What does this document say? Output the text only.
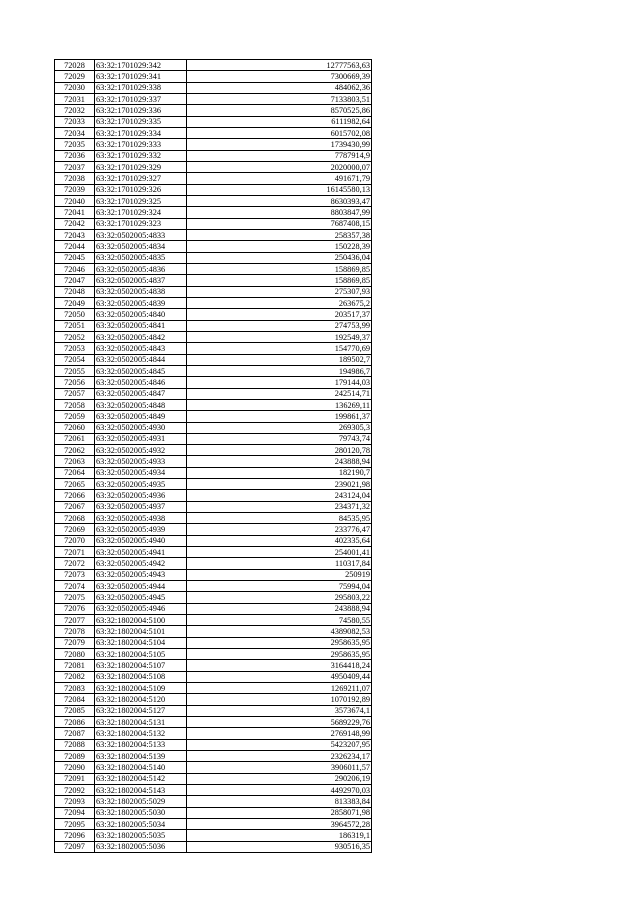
72028	63:32:1701029:342	12777563,63
72029	63:32:1701029:341	7300669,39
72030	63:32:1701029:338	484062,36
72031	63:32:1701029:337	7133803,51
72032	63:32:1701029:336	8570525,86
72033	63:32:1701029:335	6111982,64
72034	63:32:1701029:334	6015702,08
72035	63:32:1701029:333	1739430,99
72036	63:32:1701029:332	7787914,9
72037	63:32:1701029:329	2020000,07
72038	63:32:1701029:327	491671,79
72039	63:32:1701029:326	16145580,13
72040	63:32:1701029:325	8630393,47
72041	63:32:1701029:324	8803847,99
72042	63:32:1701029:323	7687408,15
72043	63:32:0502005:4833	258357,38
72044	63:32:0502005:4834	150228,39
72045	63:32:0502005:4835	250436,04
72046	63:32:0502005:4836	158869,85
72047	63:32:0502005:4837	158869,85
72048	63:32:0502005:4838	275307,93
72049	63:32:0502005:4839	263675,2
72050	63:32:0502005:4840	203517,37
72051	63:32:0502005:4841	274753,99
72052	63:32:0502005:4842	192549,37
72053	63:32:0502005:4843	154770,69
72054	63:32:0502005:4844	189502,7
72055	63:32:0502005:4845	194986,7
72056	63:32:0502005:4846	179144,03
72057	63:32:0502005:4847	242514,71
72058	63:32:0502005:4848	136269,11
72059	63:32:0502005:4849	199861,37
72060	63:32:0502005:4930	269305,3
72061	63:32:0502005:4931	79743,74
72062	63:32:0502005:4932	280120,78
72063	63:32:0502005:4933	243888,94
72064	63:32:0502005:4934	182190,7
72065	63:32:0502005:4935	239021,98
72066	63:32:0502005:4936	243124,04
72067	63:32:0502005:4937	234371,32
72068	63:32:0502005:4938	84535,95
72069	63:32:0502005:4939	233776,47
72070	63:32:0502005:4940	402335,64
72071	63:32:0502005:4941	254001,41
72072	63:32:0502005:4942	110317,84
72073	63:32:0502005:4943	250919
72074	63:32:0502005:4944	75994,04
72075	63:32:0502005:4945	295803,22
72076	63:32:0502005:4946	243888,94
72077	63:32:1802004:5100	74580,55
72078	63:32:1802004:5101	4389082,53
72079	63:32:1802004:5104	2958635,95
72080	63:32:1802004:5105	2958635,95
72081	63:32:1802004:5107	3164418,24
72082	63:32:1802004:5108	4950409,44
72083	63:32:1802004:5109	1269211,07
72084	63:32:1802004:5120	1070192,89
72085	63:32:1802004:5127	3573674,1
72086	63:32:1802004:5131	5689229,76
72087	63:32:1802004:5132	2769148,99
72088	63:32:1802004:5133	5423207,95
72089	63:32:1802004:5139	2326234,17
72090	63:32:1802004:5140	3906011,57
72091	63:32:1802004:5142	290206,19
72092	63:32:1802004:5143	4492970,03
72093	63:32:1802005:5029	813383,84
72094	63:32:1802005:5030	2858071,98
72095	63:32:1802005:5034	3964572,28
72096	63:32:1802005:5035	186319,1
72097	63:32:1802005:5036	930516,35
